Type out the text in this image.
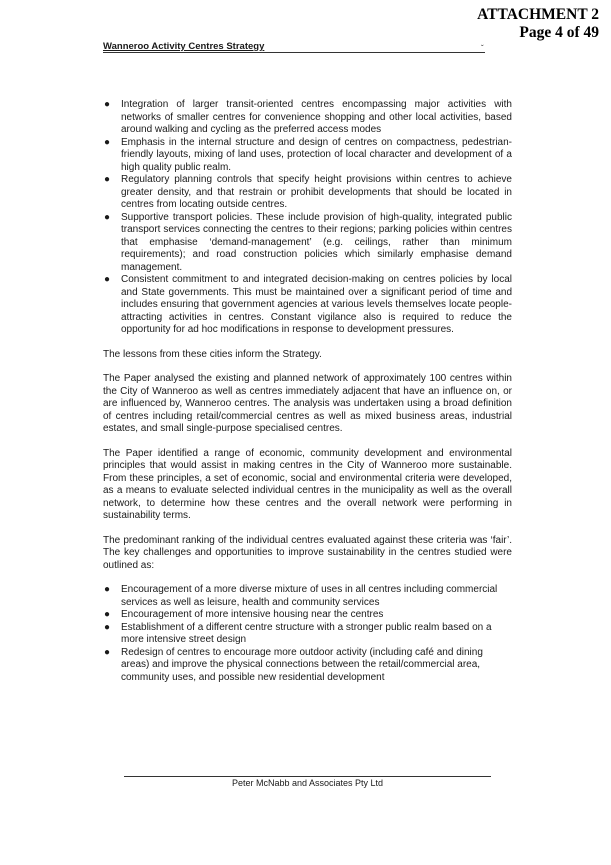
ATTACHMENT 2
Page 4 of 49
Wanneroo Activity Centres Strategy	ˇ
● Integration of larger transit-oriented centres encompassing major activities with networks of smaller centres for convenience shopping and other local activities, based around walking and cycling as the preferred access modes
● Emphasis in the internal structure and design of centres on compactness, pedestrian-friendly layouts, mixing of land uses, protection of local character and development of a high quality public realm.
● Regulatory planning controls that specify height provisions within centres to achieve greater density, and that restrain or prohibit developments that should be located in centres from locating outside centres.
● Supportive transport policies. These include provision of high-quality, integrated public transport services connecting the centres to their regions; parking policies within centres that emphasise ‘demand-management’ (e.g. ceilings, rather than minimum requirements); and road construction policies which similarly emphasise demand management.
● Consistent commitment to and integrated decision-making on centres policies by local and State governments. This must be maintained over a significant period of time and includes ensuring that government agencies at various levels themselves locate people-attracting activities in centres. Constant vigilance also is required to reduce the opportunity for ad hoc modifications in response to development pressures.

The lessons from these cities inform the Strategy.

The Paper analysed the existing and planned network of approximately 100 centres within the City of Wanneroo as well as centres immediately adjacent that have an influence on, or are influenced by, Wanneroo centres. The analysis was undertaken using a broad definition of centres including retail/commercial centres as well as mixed business areas, industrial estates, and small single-purpose specialised centres.

The Paper identified a range of economic, community development and environmental principles that would assist in making centres in the City of Wanneroo more sustainable. From these principles, a set of economic, social and environmental criteria were developed, as a means to evaluate selected individual centres in the municipality as well as the overall network, to determine how these centres and the overall network were performing in sustainability terms.

The predominant ranking of the individual centres evaluated against these criteria was ‘fair’. The key challenges and opportunities to improve sustainability in the centres studied were outlined as:

● Encouragement of a more diverse mixture of uses in all centres including commercial services as well as leisure, health and community services
● Encouragement of more intensive housing near the centres
● Establishment of a different centre structure with a stronger public realm based on a more intensive street design
● Redesign of centres to encourage more outdoor activity (including café and dining areas) and improve the physical connections between the retail/commercial area, community uses, and possible new residential development
Peter McNabb and Associates Pty Ltd
